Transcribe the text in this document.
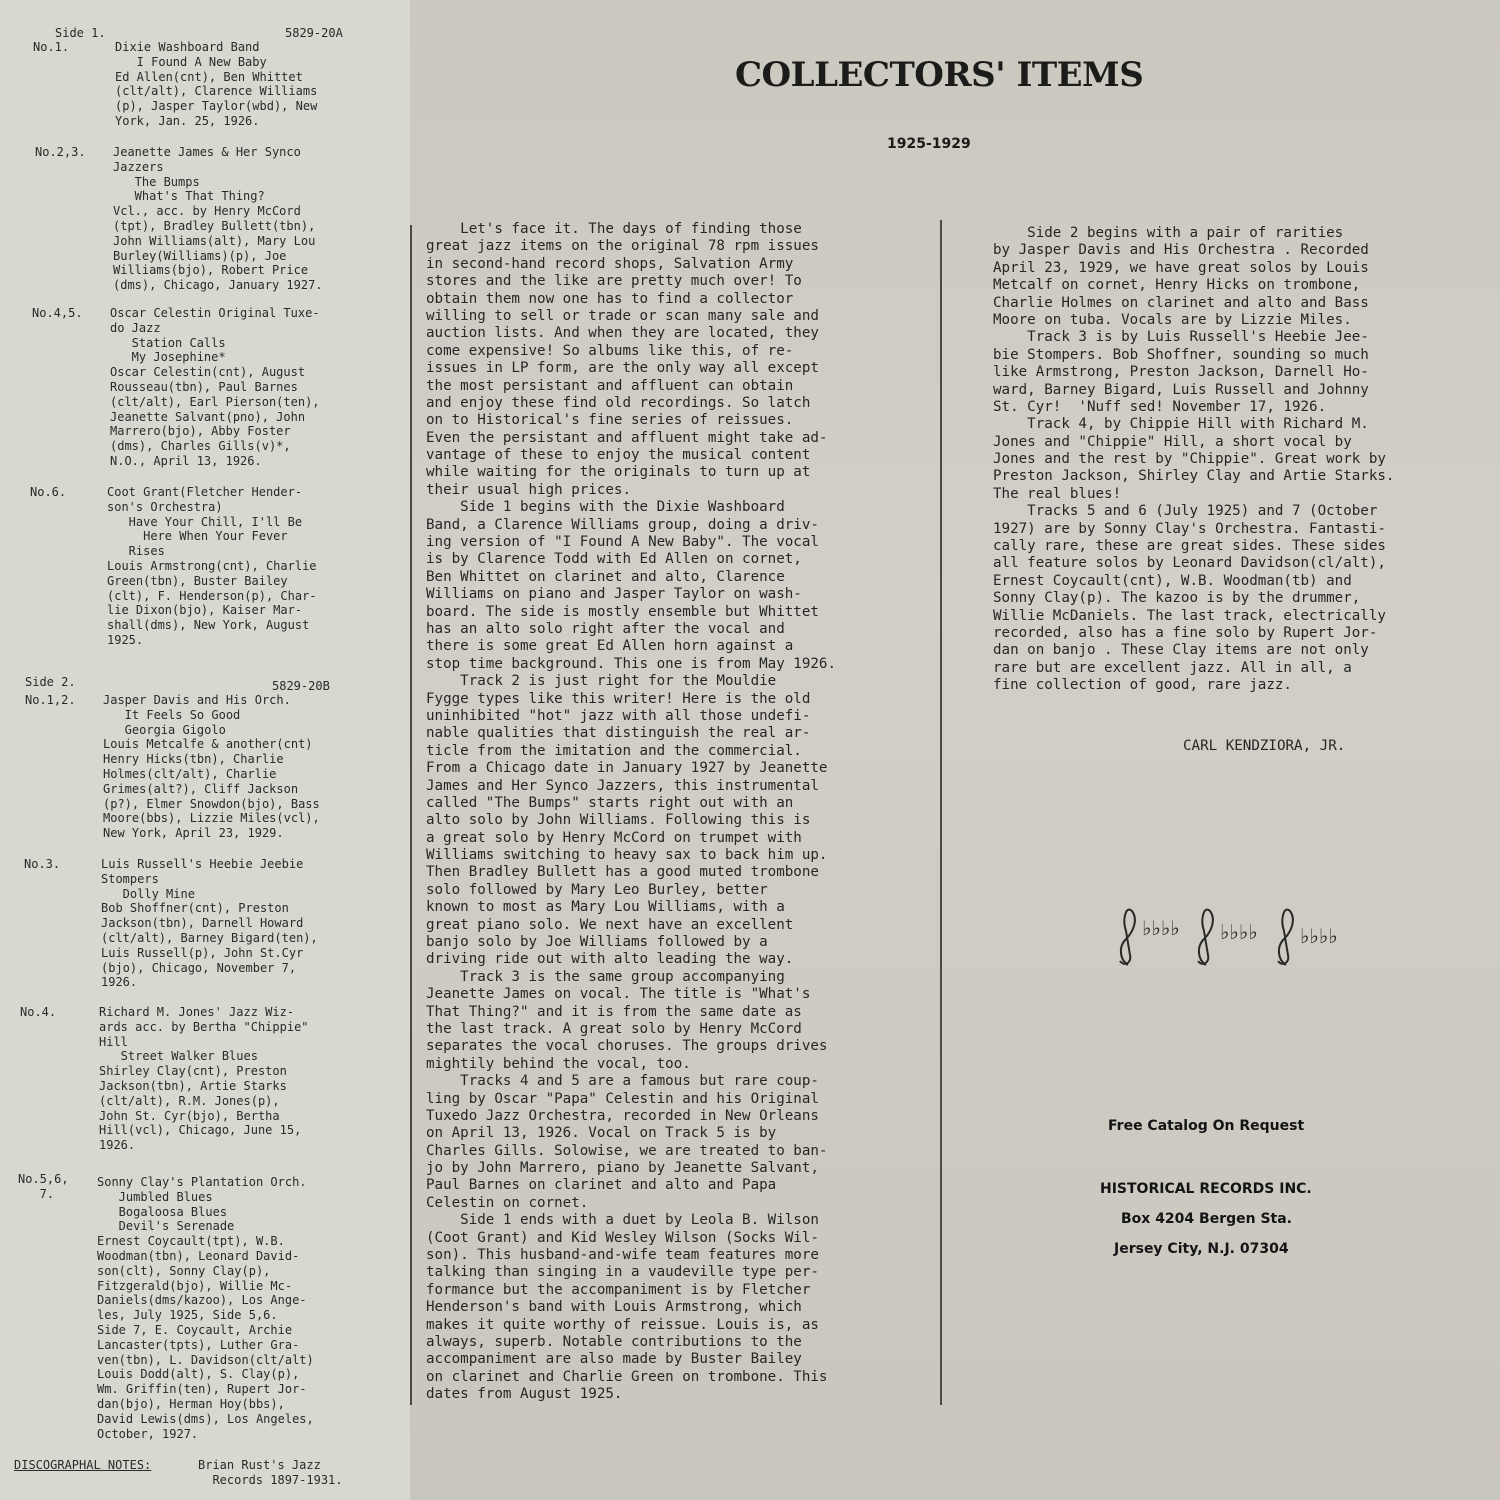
Side 1.	5829-20A
Side 2.	5829-20B
No.1.	Dixie Washboard Band
I Found A New Baby
Ed Allen(cnt), Ben Whittet
(clt/alt), Clarence Williams
(p), Jasper Taylor(wbd), New
York, Jan. 25, 1926.
No.2,3. Jeanette James & Her Synco
Jazzers
The Bumps
What's That Thing?
Vcl., acc. by Henry McCord
(tpt), Bradley Bullett(tbn),
John Williams(alt), Mary Lou
Burley(Williams)(p), Joe
Williams(bjo), Robert Price
(dms), Chicago, January 1927.
No.4,5. Oscar Celestin Original Tuxe-
do Jazz
Station Calls
My Josephine*
Oscar Celestin(cnt), August
Rousseau(tbn), Paul Barnes
(clt/alt), Earl Pierson(ten),
Jeanette Salvant(pno), John
Marrero(bjo), Abby Foster
(dms), Charles Gills(v)*,
N.O., April 13, 1926.
No.6.	Coot Grant(Fletcher Hender-
son's Orchestra)
Have Your Chill, I'll Be
Here When Your Fever
Rises
Louis Armstrong(cnt), Charlie
Green(tbn), Buster Bailey
(clt), F. Henderson(p), Char-
lie Dixon(bjo), Kaiser Mar-
shall(dms), New York, August
1925.
No.1,2. Jasper Davis and His Orch.
It Feels So Good
Georgia Gigolo
Louis Metcalfe & another(cnt)
Henry Hicks(tbn), Charlie
Holmes(clt/alt), Charlie
Grimes(alt?), Cliff Jackson
(p?), Elmer Snowdon(bjo), Bass
Moore(bbs), Lizzie Miles(vcl),
New York, April 23, 1929.
No.3.	Luis Russell's Heebie Jeebie
Stompers
Dolly Mine
Bob Shoffner(cnt), Preston
Jackson(tbn), Darnell Howard
(clt/alt), Barney Bigard(ten),
Luis Russell(p), John St.Cyr
(bjo), Chicago, November 7,
1926.
No.4.	Richard M. Jones' Jazz Wiz-
ards acc. by Bertha "Chippie"
Hill
Street Walker Blues
Shirley Clay(cnt), Preston
Jackson(tbn), Artie Starks
(clt/alt), R.M. Jones(p),
John St. Cyr(bjo), Bertha
Hill(vcl), Chicago, June 15,
1926.
No.5,6,
7.
Sonny Clay's Plantation Orch.
Jumbled Blues
Bogaloosa Blues
Devil's Serenade
Ernest Coycault(tpt), W.B.
Woodman(tbn), Leonard David-
son(clt), Sonny Clay(p),
Fitzgerald(bjo), Willie Mc-
Daniels(dms/kazoo), Los Ange-
les, July 1925, Side 5,6.
Side 7, E. Coycault, Archie
Lancaster(tpts), Luther Gra-
ven(tbn), L. Davidson(clt/alt)
Louis Dodd(alt), S. Clay(p),
Wm. Griffin(ten), Rupert Jor-
dan(bjo), Herman Hoy(bbs),
David Lewis(dms), Los Angeles,
October, 1927.
DISCOGRAPHAL NOTES:	Brian Rust's Jazz
Records 1897-1931.
COLLECTORS' ITEMS
1925-1929
Let's face it. The days of finding those
great jazz items on the original 78 rpm issues
in second-hand record shops, Salvation Army
stores and the like are pretty much over! To
obtain them now one has to find a collector
willing to sell or trade or scan many sale and
auction lists. And when they are located, they
come expensive! So albums like this, of re-
issues in LP form, are the only way all except
the most persistant and affluent can obtain
and enjoy these find old recordings. So latch
on to Historical's fine series of reissues.
Even the persistant and affluent might take ad-
vantage of these to enjoy the musical content
while waiting for the originals to turn up at
their usual high prices.
Side 1 begins with the Dixie Washboard
Band, a Clarence Williams group, doing a driv-
ing version of "I Found A New Baby". The vocal
is by Clarence Todd with Ed Allen on cornet,
Ben Whittet on clarinet and alto, Clarence
Williams on piano and Jasper Taylor on wash-
board. The side is mostly ensemble but Whittet
has an alto solo right after the vocal and
there is some great Ed Allen horn against a
stop time background. This one is from May 1926.
Track 2 is just right for the Mouldie
Fygge types like this writer! Here is the old
uninhibited "hot" jazz with all those undefi-
nable qualities that distinguish the real ar-
ticle from the imitation and the commercial.
From a Chicago date in January 1927 by Jeanette
James and Her Synco Jazzers, this instrumental
called "The Bumps" starts right out with an
alto solo by John Williams. Following this is
a great solo by Henry McCord on trumpet with
Williams switching to heavy sax to back him up.
Then Bradley Bullett has a good muted trombone
solo followed by Mary Leo Burley, better
known to most as Mary Lou Williams, with a
great piano solo. We next have an excellent
banjo solo by Joe Williams followed by a
driving ride out with alto leading the way.
Track 3 is the same group accompanying
Jeanette James on vocal. The title is "What's
That Thing?" and it is from the same date as
the last track. A great solo by Henry McCord
separates the vocal choruses. The groups drives
mightily behind the vocal, too.
Tracks 4 and 5 are a famous but rare coup-
ling by Oscar "Papa" Celestin and his Original
Tuxedo Jazz Orchestra, recorded in New Orleans
on April 13, 1926. Vocal on Track 5 is by
Charles Gills. Solowise, we are treated to ban-
jo by John Marrero, piano by Jeanette Salvant,
Paul Barnes on clarinet and alto and Papa
Celestin on cornet.
Side 1 ends with a duet by Leola B. Wilson
(Coot Grant) and Kid Wesley Wilson (Socks Wil-
son). This husband-and-wife team features more
talking than singing in a vaudeville type per-
formance but the accompaniment is by Fletcher
Henderson's band with Louis Armstrong, which
makes it quite worthy of reissue. Louis is, as
always, superb. Notable contributions to the
accompaniment are also made by Buster Bailey
on clarinet and Charlie Green on trombone. This
dates from August 1925.
Side 2 begins with a pair of rarities
by Jasper Davis and His Orchestra . Recorded
April 23, 1929, we have great solos by Louis
Metcalf on cornet, Henry Hicks on trombone,
Charlie Holmes on clarinet and alto and Bass
Moore on tuba. Vocals are by Lizzie Miles.
Track 3 is by Luis Russell's Heebie Jee-
bie Stompers. Bob Shoffner, sounding so much
like Armstrong, Preston Jackson, Darnell Ho-
ward, Barney Bigard, Luis Russell and Johnny
St. Cyr!  'Nuff sed! November 17, 1926.
Track 4, by Chippie Hill with Richard M.
Jones and "Chippie" Hill, a short vocal by
Jones and the rest by "Chippie". Great work by
Preston Jackson, Shirley Clay and Artie Starks.
The real blues!
Tracks 5 and 6 (July 1925) and 7 (October
1927) are by Sonny Clay's Orchestra. Fantasti-
cally rare, these are great sides. These sides
all feature solos by Leonard Davidson(cl/alt),
Ernest Coycault(cnt), W.B. Woodman(tb) and
Sonny Clay(p). The kazoo is by the drummer,
Willie McDaniels. The last track, electrically
recorded, also has a fine solo by Rupert Jor-
dan on banjo . These Clay items are not only
rare but are excellent jazz. All in all, a
fine collection of good, rare jazz.
CARL KENDZIORA, JR.
♭♭♭♭ ♭♭♭♭ ♭♭♭♭
Free Catalog On Request
HISTORICAL RECORDS INC.
Box 4204 Bergen Sta.
Jersey City, N.J. 07304
